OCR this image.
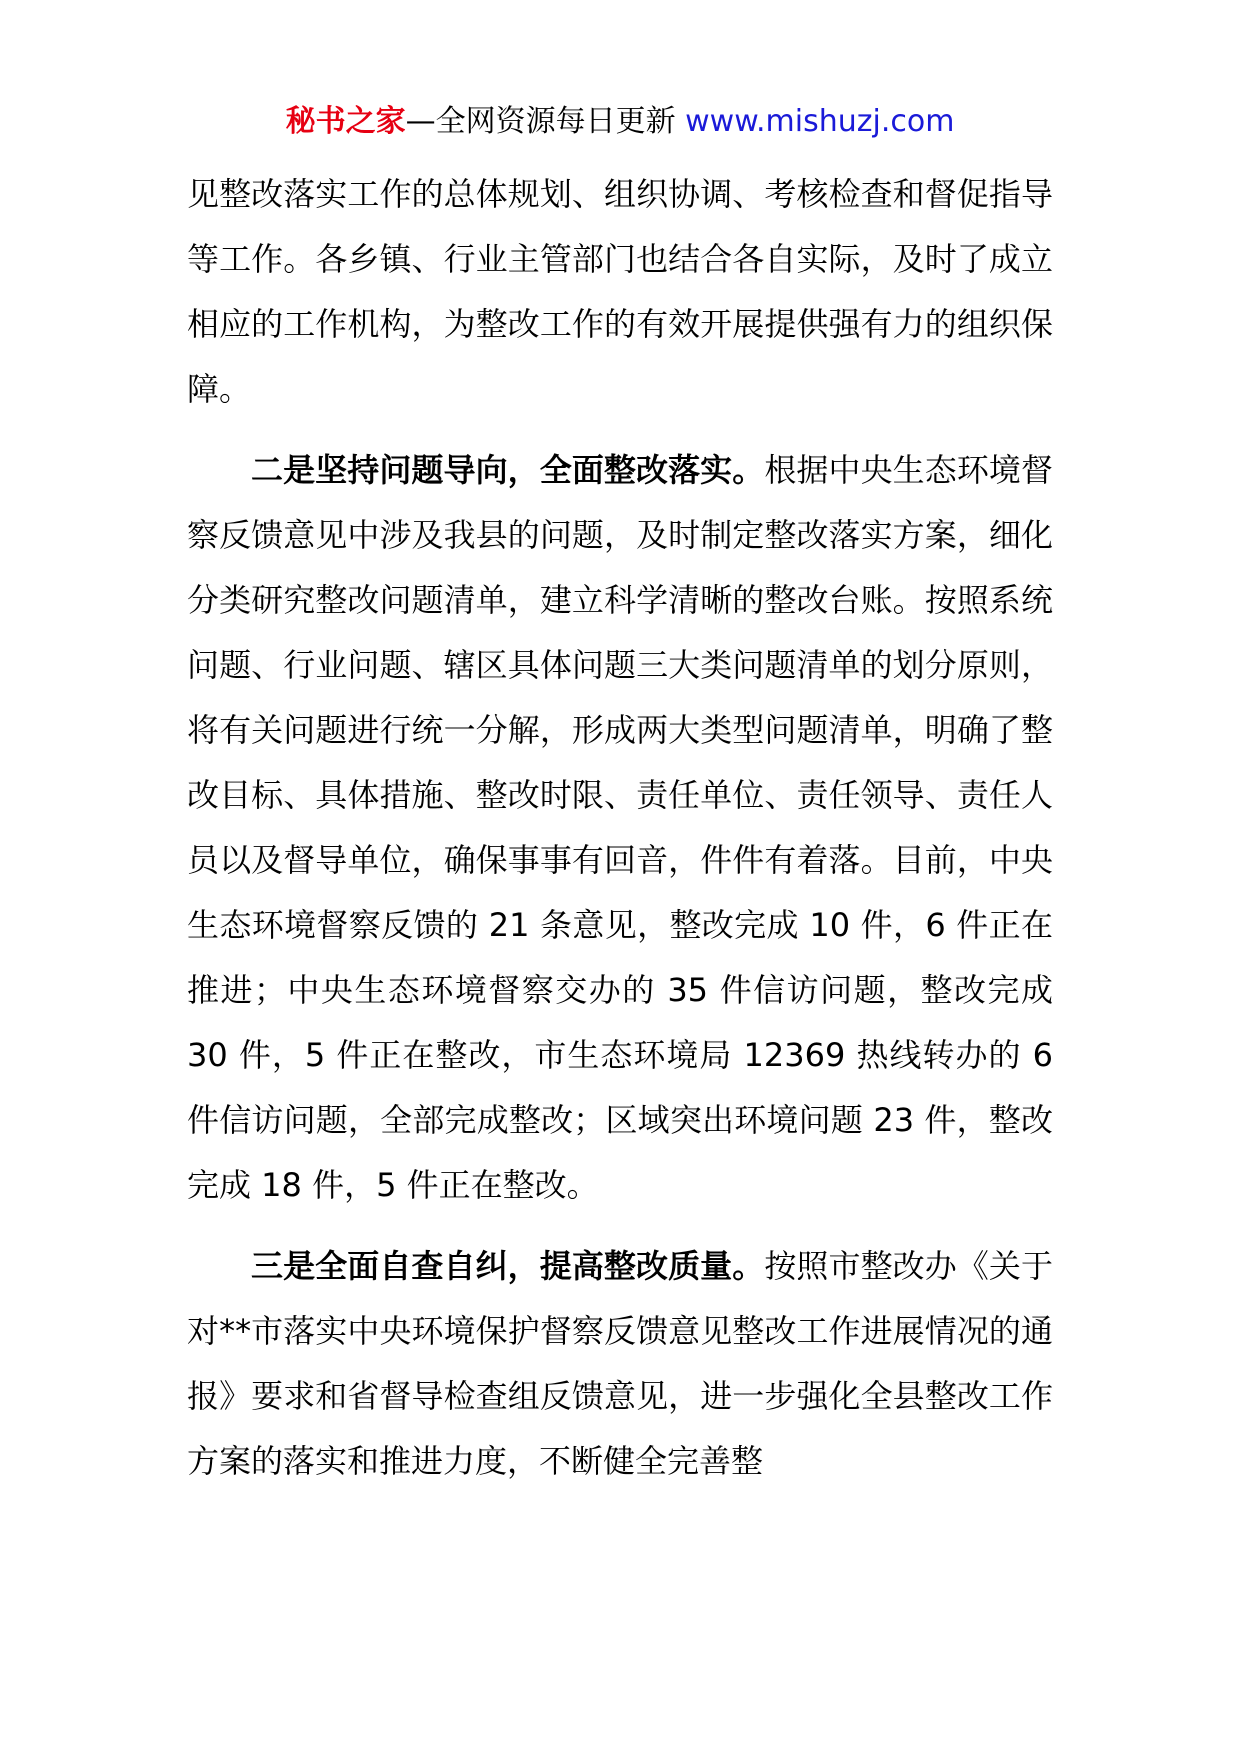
秘书之家—全网资源每日更新 www.mishuzj.com

见整改落实工作的总体规划、组织协调、考核检查和督促指导等工作。各乡镇、行业主管部门也结合各自实际，及时了成立相应的工作机构，为整改工作的有效开展提供强有力的组织保障。

二是坚持问题导向，全面整改落实。根据中央生态环境督察反馈意见中涉及我县的问题，及时制定整改落实方案，细化分类研究整改问题清单，建立科学清晰的整改台账。按照系统问题、行业问题、辖区具体问题三大类问题清单的划分原则，将有关问题进行统一分解，形成两大类型问题清单，明确了整改目标、具体措施、整改时限、责任单位、责任领导、责任人员以及督导单位，确保事事有回音，件件有着落。目前，中央生态环境督察反馈的 21 条意见，整改完成 10 件，6 件正在推进；中央生态环境督察交办的 35 件信访问题，整改完成 30 件，5 件正在整改，市生态环境局 12369 热线转办的 6 件信访问题，全部完成整改；区域突出环境问题 23 件，整改完成 18 件，5 件正在整改。

三是全面自查自纠，提高整改质量。按照市整改办《关于对**市落实中央环境保护督察反馈意见整改工作进展情况的通报》要求和省督导检查组反馈意见，进一步强化全县整改工作方案的落实和推进力度，不断健全完善整
